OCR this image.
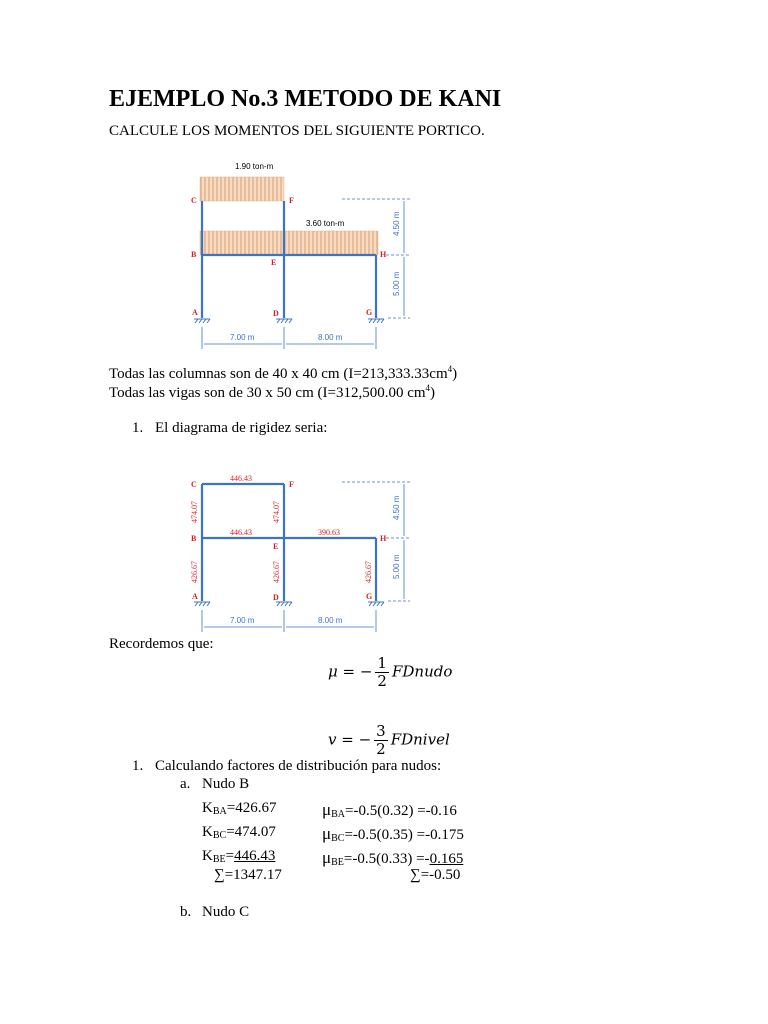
EJEMPLO No.3 METODO DE KANI
CALCULE LOS MOMENTOS DEL SIGUIENTE PORTICO.
1.90 ton-m
3.60 ton-m
C	F
B
E
H
A	D	G
7.00 m	8.00 m
4.50 m
5.00 m
Todas las columnas son de 40 x 40 cm $(I=213,333.33cm^4)$
Todas las vigas son de 30 x 50 cm (I=312,500.00 $cm^4$)
1. El diagrama de rigidez seria:
446.43
446.43	390.63
474.07	474.07
426.67	426.67	426.67
C	F
B
E
H
A	D	G
7.00 m	8.00 m
4.50 m
5.00 m
Recordemos que:
μ = − $\frac{1}{2}$ FDnudo
v = − $\frac{3}{2}$ FDnivel
1. Calculando factores de distribución para nudos:
a. Nudo B
$K_{BA}=426.67$	$\mu_{BA}=-0.5(0.32) =-0.16$
$K_{BC}=474.07$	$\mu_{BC}=-0.5(0.35) =-0.175$
$K_{BE}=446.43$	$\mu_{BE}=-0.5(0.33) =-0.165$
∑=1347.17	∑=-0.50
b. Nudo C
